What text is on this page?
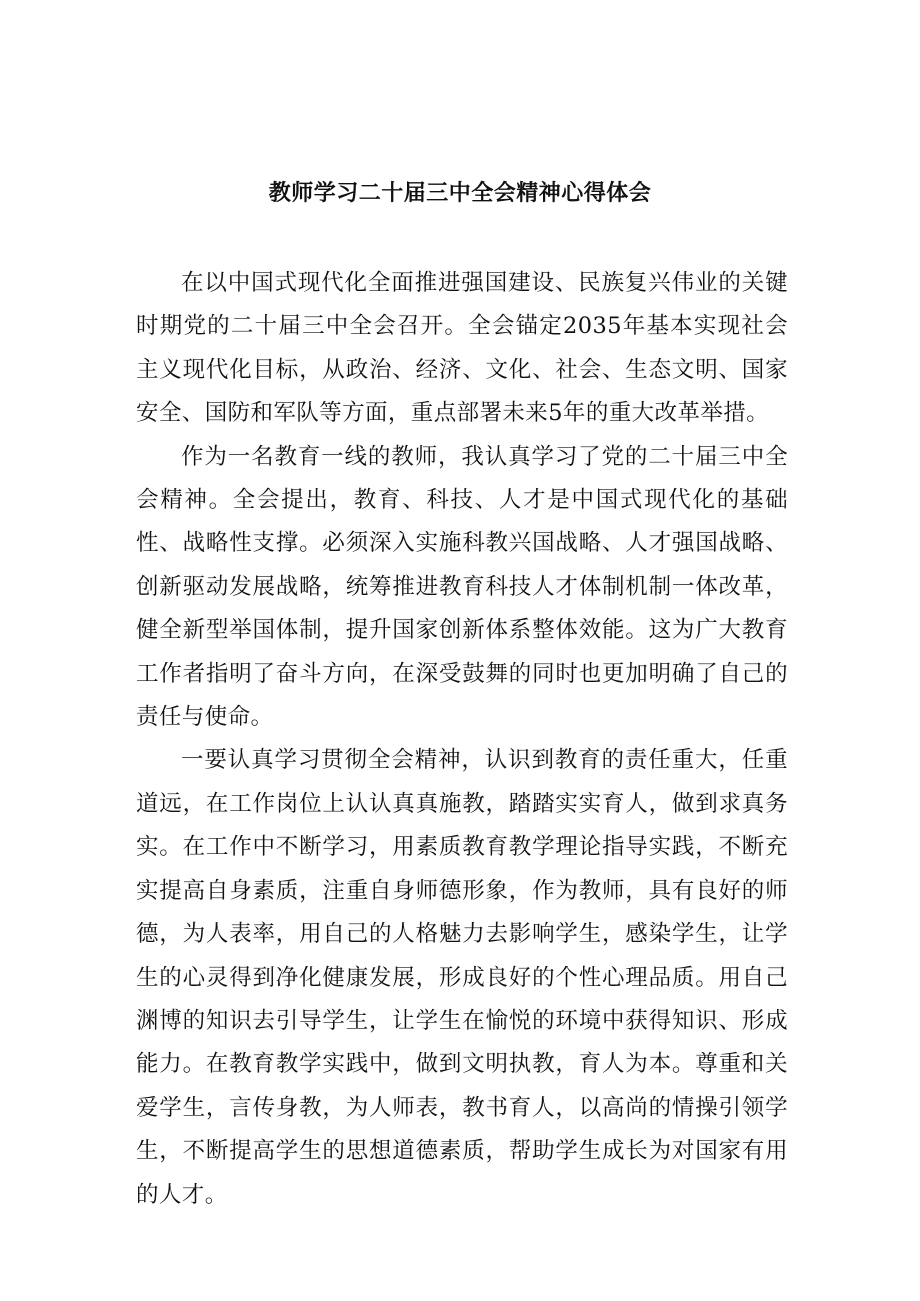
教师学习二十届三中全会精神心得体会

在以中国式现代化全面推进强国建设、民族复兴伟业的关键时期党的二十届三中全会召开。全会锚定2035年基本实现社会主义现代化目标，从政治、经济、文化、社会、生态文明、国家安全、国防和军队等方面，重点部署未来5年的重大改革举措。

作为一名教育一线的教师，我认真学习了党的二十届三中全会精神。全会提出，教育、科技、人才是中国式现代化的基础性、战略性支撑。必须深入实施科教兴国战略、人才强国战略、创新驱动发展战略，统筹推进教育科技人才体制机制一体改革，健全新型举国体制，提升国家创新体系整体效能。这为广大教育工作者指明了奋斗方向，在深受鼓舞的同时也更加明确了自己的责任与使命。

一要认真学习贯彻全会精神，认识到教育的责任重大，任重道远，在工作岗位上认认真真施教，踏踏实实育人，做到求真务实。在工作中不断学习，用素质教育教学理论指导实践，不断充实提高自身素质，注重自身师德形象，作为教师，具有良好的师德，为人表率，用自己的人格魅力去影响学生，感染学生，让学生的心灵得到净化健康发展，形成良好的个性心理品质。用自己渊博的知识去引导学生，让学生在愉悦的环境中获得知识、形成能力。在教育教学实践中，做到文明执教，育人为本。尊重和关爱学生，言传身教，为人师表，教书育人，以高尚的情操引领学生，不断提高学生的思想道德素质，帮助学生成长为对国家有用的人才。
